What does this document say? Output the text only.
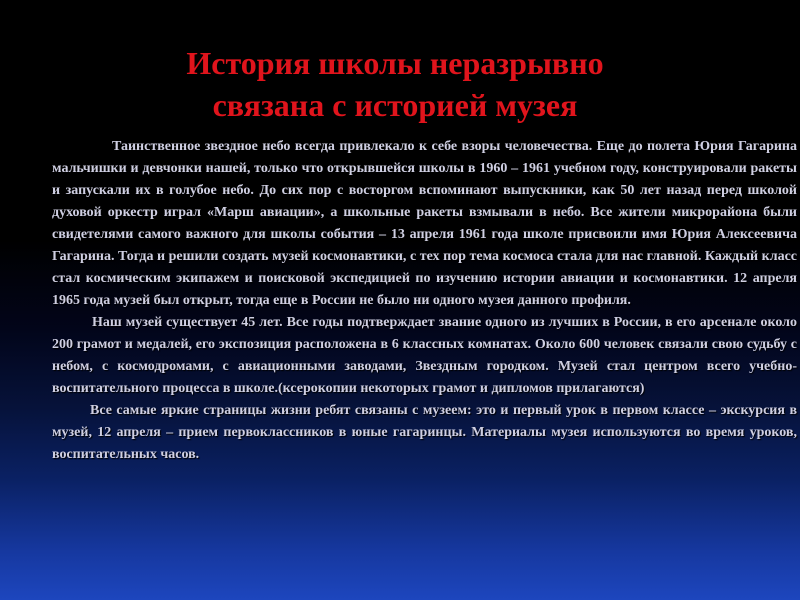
История школы неразрывно
связана с историей музея

Таинственное звездное небо всегда привлекало к себе взоры человечества. Еще до полета Юрия Гагарина мальчишки и девчонки нашей, только что открывшейся школы в 1960 – 1961 учебном году, конструировали ракеты и запускали их в голубое небо. До сих пор с восторгом вспоминают выпускники, как 50 лет назад перед школой духовой оркестр играл «Марш авиации», а школьные ракеты взмывали в небо. Все жители микрорайона были свидетелями самого важного для школы события – 13 апреля 1961 года школе присвоили имя Юрия Алексеевича Гагарина. Тогда и решили создать музей космонавтики, с тех пор тема космоса стала для нас главной. Каждый класс стал космическим экипажем и поисковой экспедицией по изучению истории авиации и космонавтики. 12 апреля 1965 года музей был открыт, тогда еще в России не было ни одного музея данного профиля.

Наш музей существует 45 лет. Все годы подтверждает звание одного из лучших в России, в его арсенале около 200 грамот и медалей, его экспозиция расположена в 6 классных комнатах. Около 600 человек связали свою судьбу с небом, с космодромами, с авиационными заводами, Звездным городком. Музей стал центром всего учебно-воспитательного процесса в школе.(ксерокопии некоторых грамот и дипломов прилагаются)

Все самые яркие страницы жизни ребят связаны с музеем: это и первый урок в первом классе – экскурсия в музей, 12 апреля – прием первоклассников в юные гагаринцы. Материалы музея используются во время уроков, воспитательных часов.
